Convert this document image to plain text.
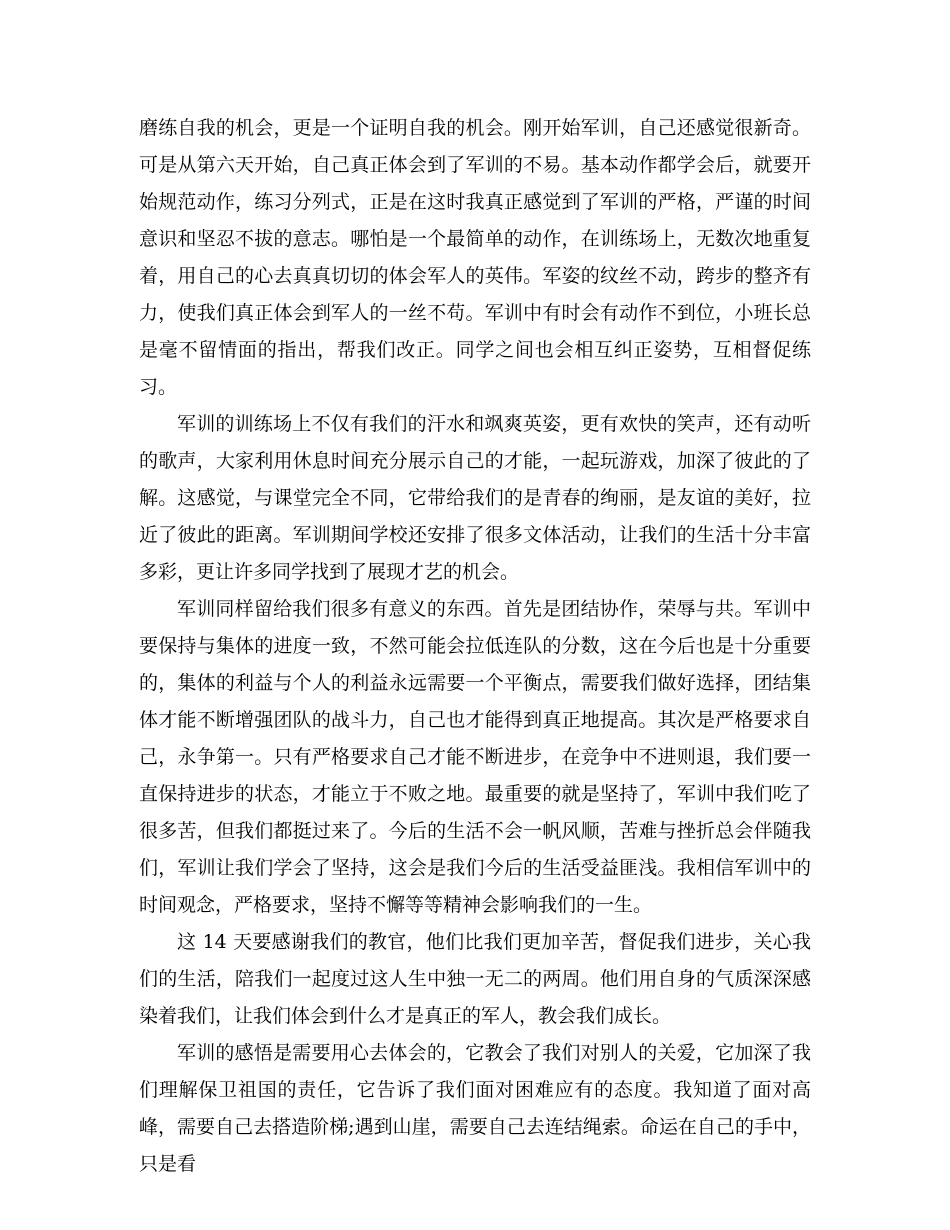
磨练自我的机会，更是一个证明自我的机会。刚开始军训，自己还感觉很新奇。可是从第六天开始，自己真正体会到了军训的不易。基本动作都学会后，就要开始规范动作，练习分列式，正是在这时我真正感觉到了军训的严格，严谨的时间意识和坚忍不拔的意志。哪怕是一个最简单的动作，在训练场上，无数次地重复着，用自己的心去真真切切的体会军人的英伟。军姿的纹丝不动，跨步的整齐有力，使我们真正体会到军人的一丝不苟。军训中有时会有动作不到位，小班长总是毫不留情面的指出，帮我们改正。同学之间也会相互纠正姿势，互相督促练习。

军训的训练场上不仅有我们的汗水和飒爽英姿，更有欢快的笑声，还有动听的歌声，大家利用休息时间充分展示自己的才能，一起玩游戏，加深了彼此的了解。这感觉，与课堂完全不同，它带给我们的是青春的绚丽，是友谊的美好，拉近了彼此的距离。军训期间学校还安排了很多文体活动，让我们的生活十分丰富多彩，更让许多同学找到了展现才艺的机会。

军训同样留给我们很多有意义的东西。首先是团结协作，荣辱与共。军训中要保持与集体的进度一致，不然可能会拉低连队的分数，这在今后也是十分重要的，集体的利益与个人的利益永远需要一个平衡点，需要我们做好选择，团结集体才能不断增强团队的战斗力，自己也才能得到真正地提高。其次是严格要求自己，永争第一。只有严格要求自己才能不断进步，在竞争中不进则退，我们要一直保持进步的状态，才能立于不败之地。最重要的就是坚持了，军训中我们吃了很多苦，但我们都挺过来了。今后的生活不会一帆风顺，苦难与挫折总会伴随我们，军训让我们学会了坚持，这会是我们今后的生活受益匪浅。我相信军训中的时间观念，严格要求，坚持不懈等等精神会影响我们的一生。

这 14 天要感谢我们的教官，他们比我们更加辛苦，督促我们进步，关心我们的生活，陪我们一起度过这人生中独一无二的两周。他们用自身的气质深深感染着我们，让我们体会到什么才是真正的军人，教会我们成长。

军训的感悟是需要用心去体会的，它教会了我们对别人的关爱，它加深了我们理解保卫祖国的责任，它告诉了我们面对困难应有的态度。我知道了面对高峰，需要自己去搭造阶梯;遇到山崖，需要自己去连结绳索。命运在自己的手中，只是看
